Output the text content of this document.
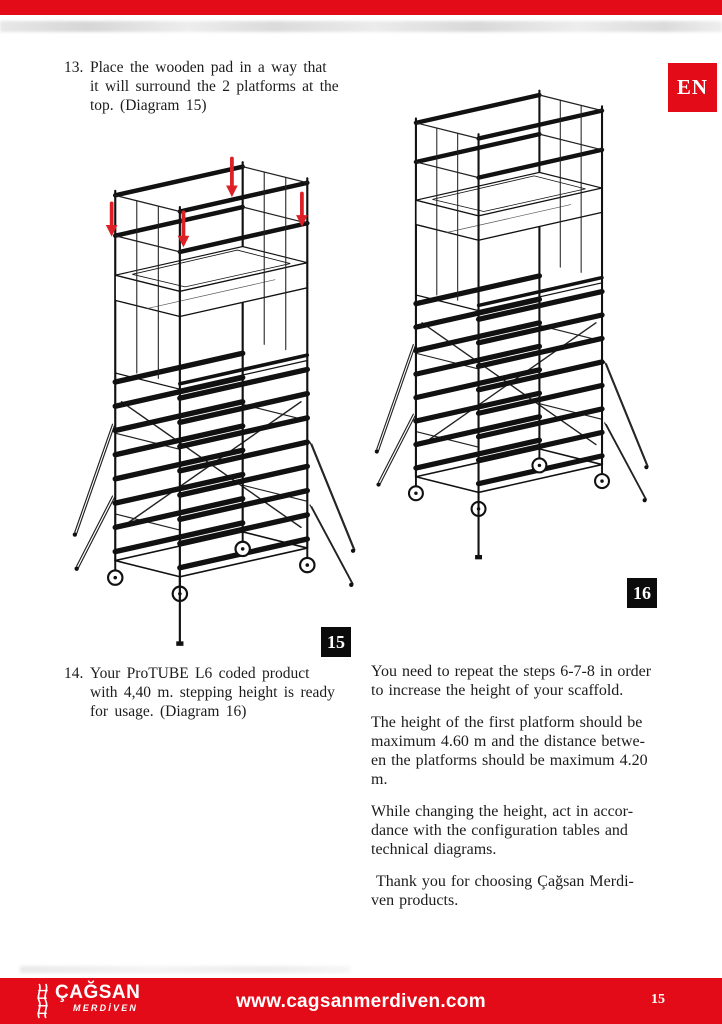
EN
13. Place the wooden pad in a way that
it will surround the 2 platforms at the
top. (Diagram 15)
15
16
14. Your ProTUBE L6 coded product
with 4,40 m. stepping height is ready
for usage. (Diagram 16)

You need to repeat the steps 6-7-8 in order
to increase the height of your scaffold.

The height of the first platform should be
maximum 4.60 m and the distance betwe-
en the platforms should be maximum 4.20
m.

While changing the height, act in accor-
dance with the configuration tables and
technical diagrams.

Thank you for choosing Çağsan Merdi-
ven products.

ÇAĞSAN
MERDİVEN	www.cagsanmerdiven.com	15
